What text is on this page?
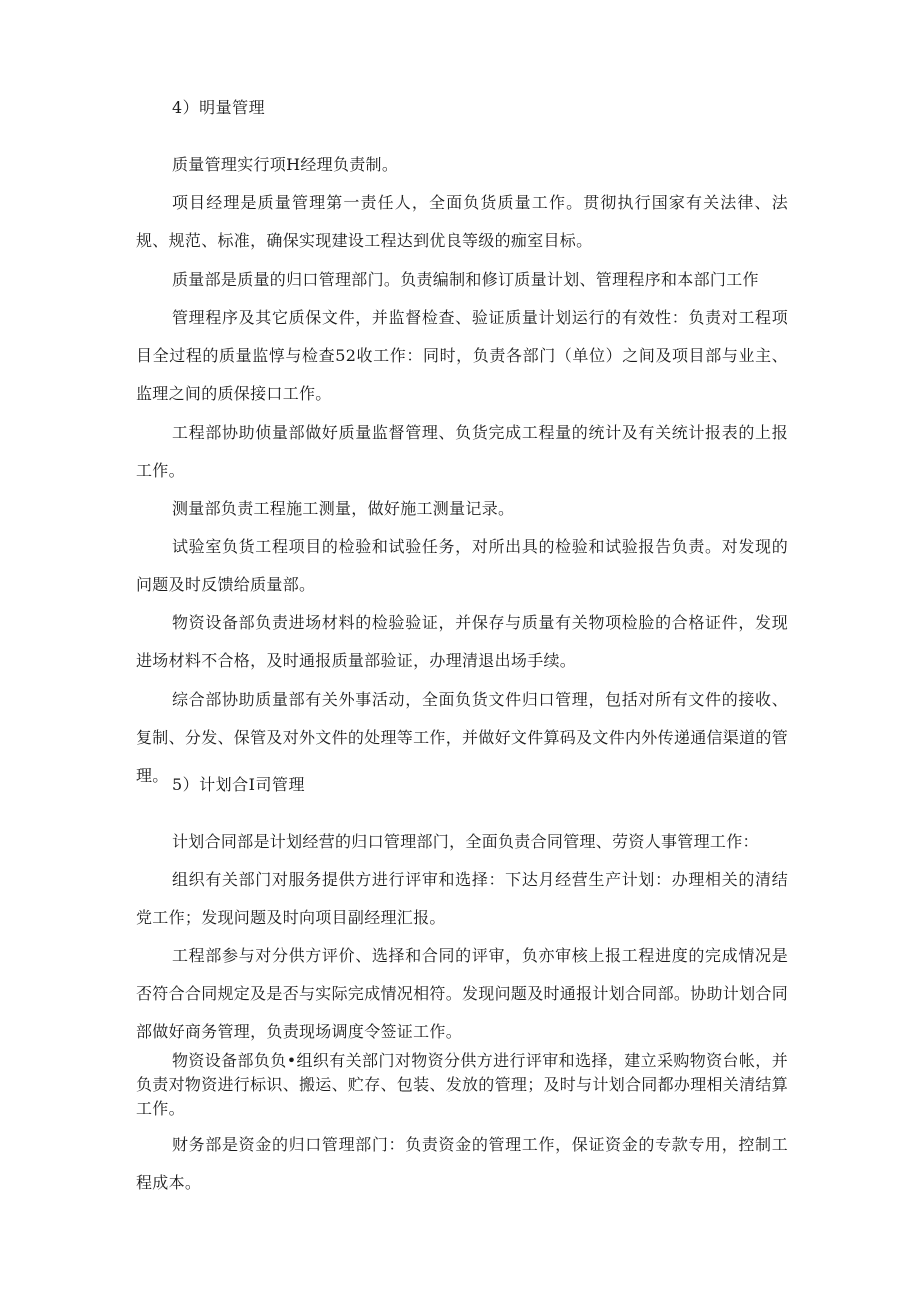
4）明量管理
质量管理实行项H经理负责制。
项目经理是质量管理第一责任人，全面负货质量工作。贯彻执行国家有关法律、法规、规范、标准，确保实现建设工程达到优良等级的痂室目标。
质量部是质量的归口管理部门。负责编制和修订质量计划、管理程序和本部门工作
管理程序及其它质保文件，并监督检查、验证质量计划运行的有效性：负责对工程项目全过程的质量监惇与检查52收工作：同时，负责各部门（单位）之间及项目部与业主、监理之间的质保接口工作。
工程部协助侦量部做好质量监督管理、负货完成工程量的统计及有关统计报表的上报工作。
测量部负责工程施工测量，做好施工测量记录。
试验室负货工程项目的检验和试验任务，对所出具的检验和试验报告负责。对发现的问题及时反馈给质量部。
物资设备部负责进场材料的检验验证，并保存与质量有关物项检脸的合格证件，发现进场材料不合格，及时通报质量部验证，办理清退出场手续。
综合部协助质量部有关外事活动，全面负货文件归口管理，包括对所有文件的接收、复制、分发、保管及对外文件的处理等工作，并做好文件算码及文件内外传递通信渠道的管理。 5）计划合I司管理
计划合同部是计划经营的归口管理部门，全面负责合同管理、劳资人事管理工作：
组织有关部门对服务提供方进行评审和选择：下达月经营生产计划：办理相关的清结党工作；发现问题及时向项目副经理汇报。
工程部参与对分供方评价、选择和合同的评审，负亦审核上报工程进度的完成情况是否符合合同规定及是否与实际完成情况相符。发现问题及时通报计划合同部。协助计划合同部做好商务管理，负责现场调度令签证工作。
物资设备部负负•组织有关部门对物资分供方进行评审和选择，建立采购物资台帐，并负责对物资进行标识、搬运、贮存、包装、发放的管理；及时与计划合同都办理相关清结算工作。
财务部是资金的归口管理部门：负责资金的管理工作，保证资金的专款专用，控制工程成本。
